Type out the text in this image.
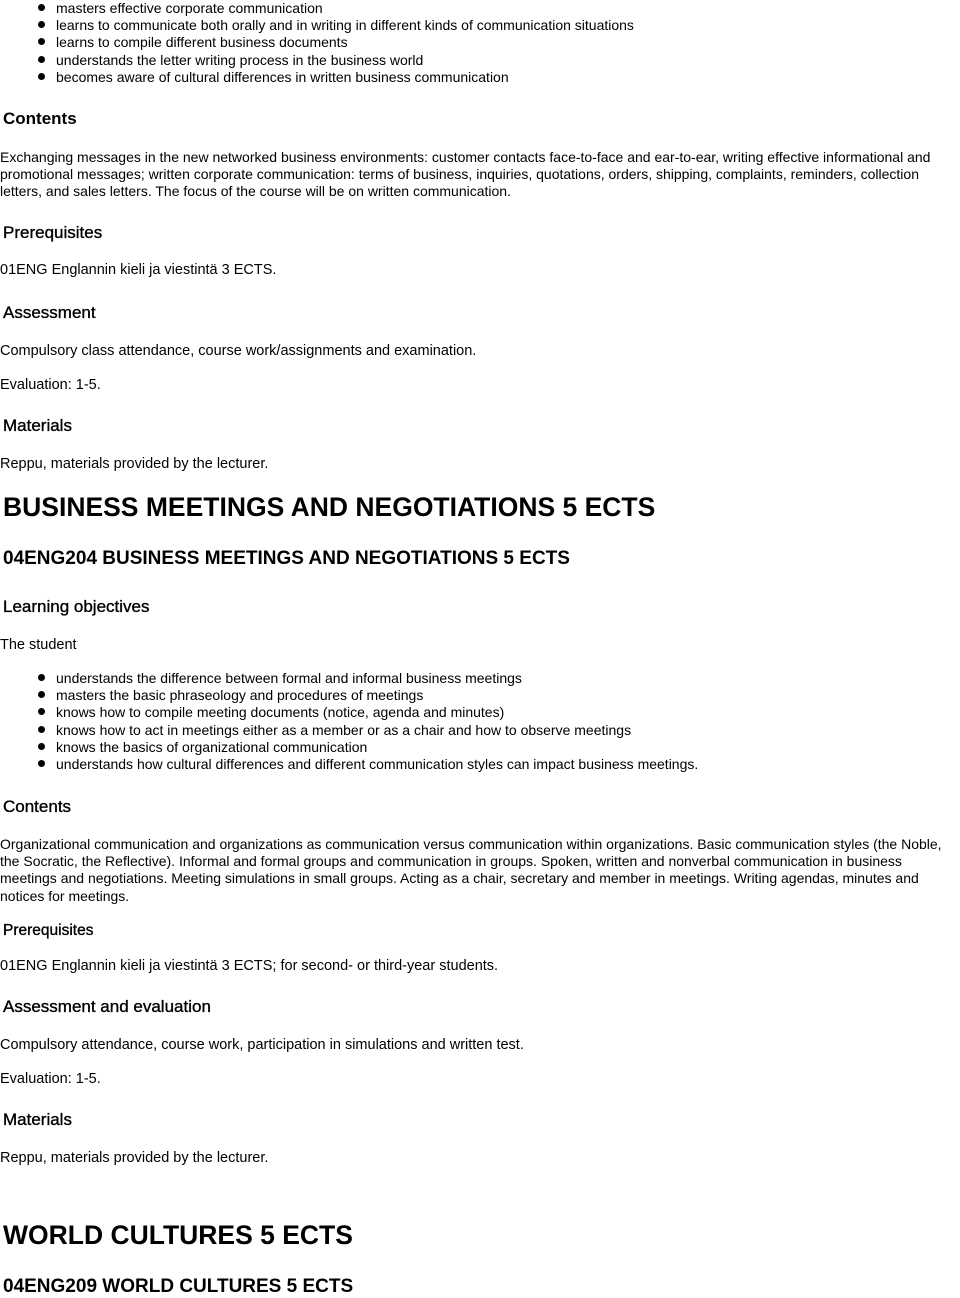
masters effective corporate communication
learns to communicate both orally and in writing in different kinds of communication situations
learns to compile different business documents
understands the letter writing process in the business world
becomes aware of cultural differences in written business communication
Contents
Exchanging messages in the new networked business environments: customer contacts face-to-face and ear-to-ear, writing effective informational and promotional messages; written corporate communication: terms of business, inquiries, quotations, orders, shipping, complaints, reminders, collection letters, and sales letters. The focus of the course will be on written communication.
Prerequisites
01ENG Englannin kieli ja viestintä 3 ECTS.
Assessment
Compulsory class attendance, course work/assignments and examination.
Evaluation: 1-5.
Materials
Reppu, materials provided by the lecturer.
BUSINESS MEETINGS AND NEGOTIATIONS 5 ECTS
04ENG204 BUSINESS MEETINGS AND NEGOTIATIONS 5 ECTS
Learning objectives
The student
understands the difference between formal and informal business meetings
masters the basic phraseology and procedures of meetings
knows how to compile meeting documents (notice, agenda and minutes)
knows how to act in meetings either as a member or as a chair and how to observe meetings
knows the basics of organizational communication
understands how cultural differences and different communication styles can impact business meetings.
Contents
Organizational communication and organizations as communication versus communication within organizations. Basic communication styles (the Noble, the Socratic, the Reflective). Informal and formal groups and communication in groups. Spoken, written and nonverbal communication in business meetings and negotiations. Meeting simulations in small groups. Acting as a chair, secretary and member in meetings. Writing agendas, minutes and notices for meetings.
Prerequisites
01ENG Englannin kieli ja viestintä 3 ECTS; for second- or third-year students.
Assessment and evaluation
Compulsory attendance, course work, participation in simulations and written test.
Evaluation: 1-5.
Materials
Reppu, materials provided by the lecturer.
WORLD CULTURES 5 ECTS
04ENG209 WORLD CULTURES 5 ECTS
